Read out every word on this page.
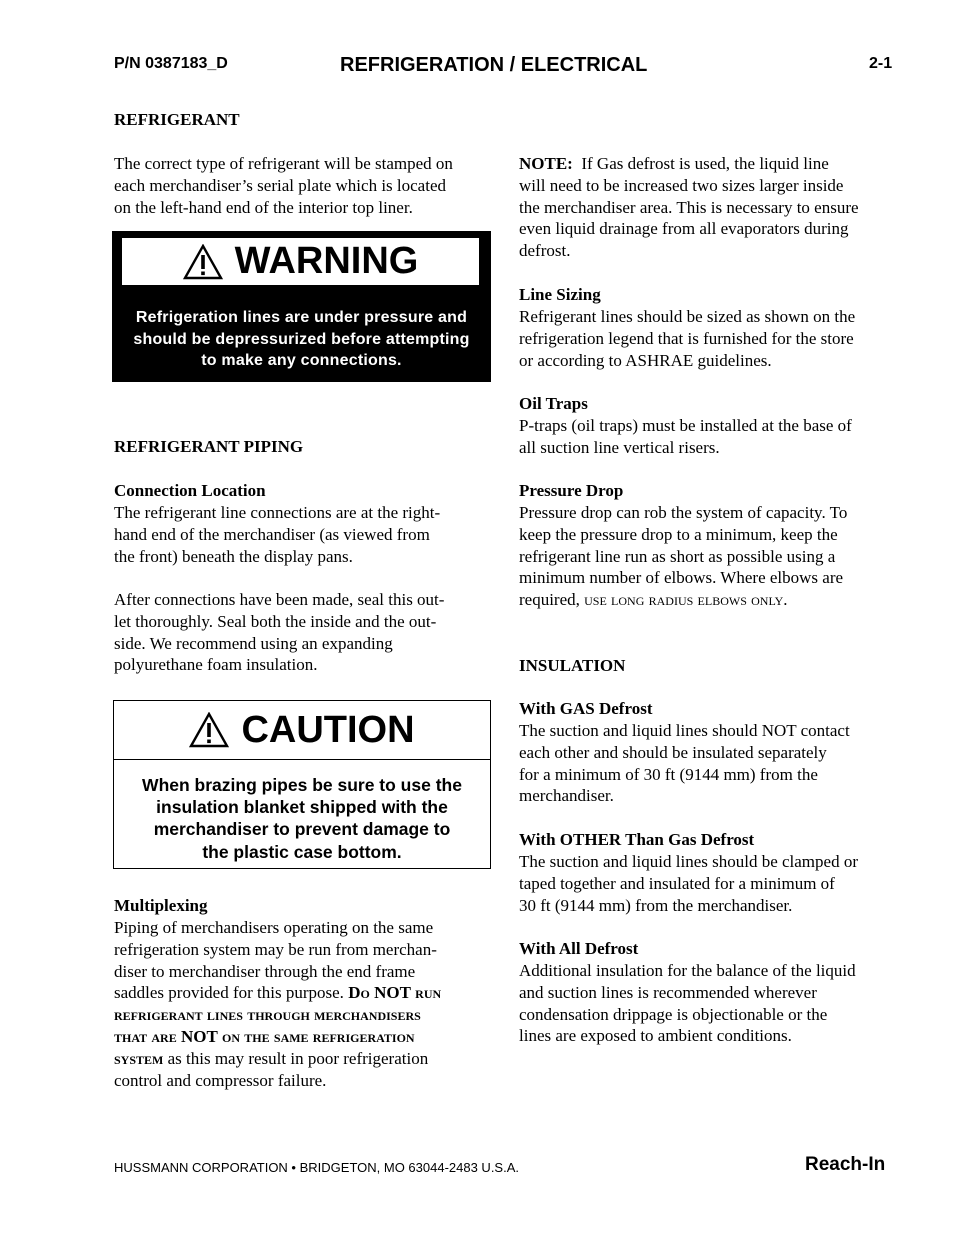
P/N 0387183_D	REFRIGERATION / ELECTRICAL	2-1
REFRIGERANT
The correct type of refrigerant will be stamped on
each merchandiser’s serial plate which is located
on the left-hand end of the interior top liner.
WARNING
Refrigeration lines are under pressure and
should be depressurized before attempting
to make any connections.
REFRIGERANT PIPING
Connection Location
The refrigerant line connections are at the right-
hand end of the merchandiser (as viewed from
the front) beneath the display pans.
After connections have been made, seal this out-
let thoroughly. Seal both the inside and the out-
side. We recommend using an expanding
polyurethane foam insulation.
CAUTION
When brazing pipes be sure to use the
insulation blanket shipped with the
merchandiser to prevent damage to
the plastic case bottom.
Multiplexing
Piping of merchandisers operating on the same
refrigeration system may be run from merchan-
diser to merchandiser through the end frame
saddles provided for this purpose. Do NOT run
refrigerant lines through merchandisers
that are NOT on the same refrigeration
system as this may result in poor refrigeration
control and compressor failure.
NOTE: If Gas defrost is used, the liquid line
will need to be increased two sizes larger inside
the merchandiser area. This is necessary to ensure
even liquid drainage from all evaporators during
defrost.
Line Sizing
Refrigerant lines should be sized as shown on the
refrigeration legend that is furnished for the store
or according to ASHRAE guidelines.
Oil Traps
P-traps (oil traps) must be installed at the base of
all suction line vertical risers.
Pressure Drop
Pressure drop can rob the system of capacity. To
keep the pressure drop to a minimum, keep the
refrigerant line run as short as possible using a
minimum number of elbows. Where elbows are
required, use long radius elbows only.
INSULATION
With GAS Defrost
The suction and liquid lines should NOT contact
each other and should be insulated separately
for a minimum of 30 ft (9144 mm) from the
merchandiser.
With OTHER Than Gas Defrost
The suction and liquid lines should be clamped or
taped together and insulated for a minimum of
30 ft (9144 mm) from the merchandiser.
With All Defrost
Additional insulation for the balance of the liquid
and suction lines is recommended wherever
condensation drippage is objectionable or the
lines are exposed to ambient conditions.
HUSSMANN CORPORATION • BRIDGETON, MO 63044-2483 U.S.A.	Reach-In
